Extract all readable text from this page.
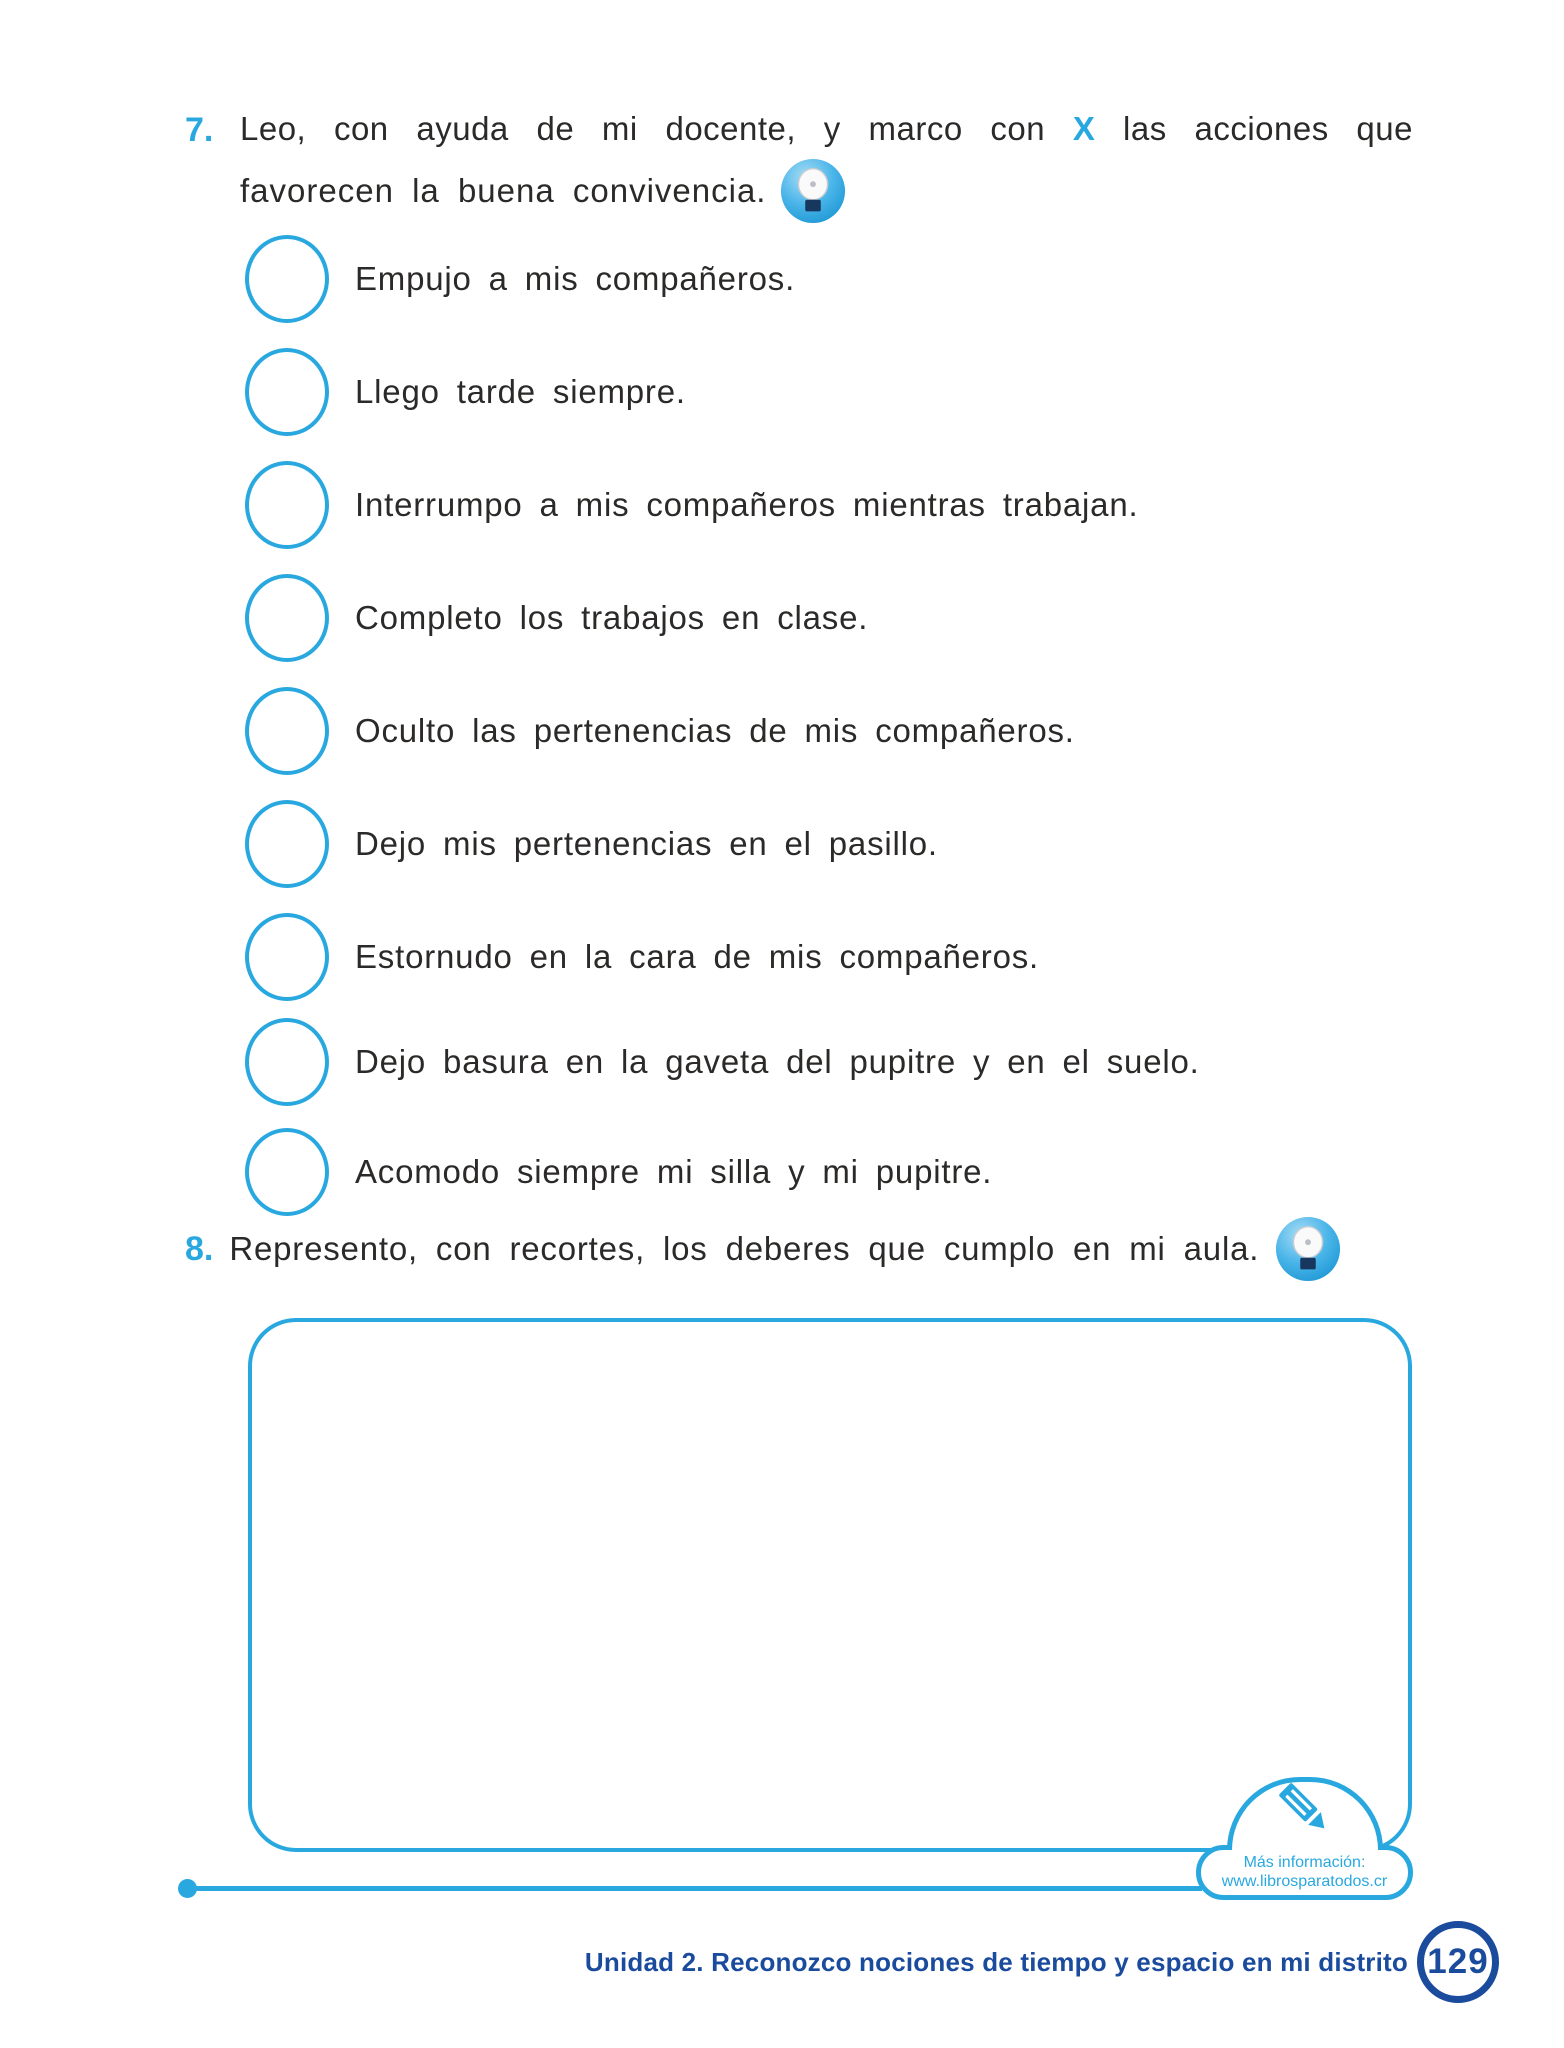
7. Leo, con ayuda de mi docente, y marco con X las acciones que
favorecen la buena convivencia.
Empujo a mis compañeros.
Llego tarde siempre.
Interrumpo a mis compañeros mientras trabajan.
Completo los trabajos en clase.
Oculto las pertenencias de mis compañeros.
Dejo mis pertenencias en el pasillo.
Estornudo en la cara de mis compañeros.
Dejo basura en la gaveta del pupitre y en el suelo.
Acomodo siempre mi silla y mi pupitre.
8. Represento, con recortes, los deberes que cumplo en mi aula.
Más información:
www.librosparatodos.cr
Unidad 2. Reconozco nociones de tiempo y espacio en mi distrito 129
